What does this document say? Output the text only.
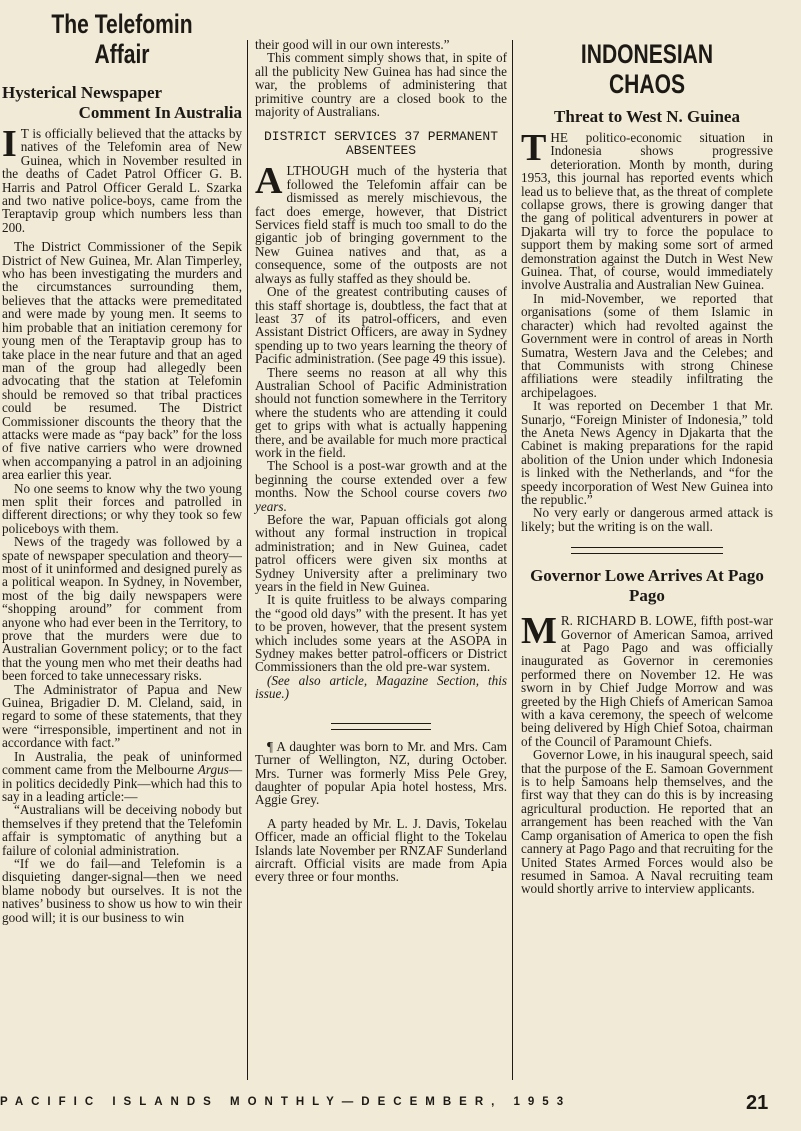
The Telefomin Affair

Hysterical Newspaper

Comment In Australia

I T is officially believed that the attacks by natives of the Telefomin area of New Guinea, which in November resulted in the deaths of Cadet Patrol Officer G. B. Harris and Patrol Officer Gerald L. Szarka and two native police-boys, came from the Teraptavip group which numbers less than 200.

The District Commissioner of the Sepik District of New Guinea, Mr. Alan Timperley, who has been investigating the murders and the circumstances surrounding them, believes that the attacks were premeditated and were made by young men. It seems to him probable that an initiation ceremony for young men of the Teraptavip group has to take place in the near future and that an aged man of the group had allegedly been advocating that the station at Telefomin should be removed so that tribal practices could be resumed. The District Commissioner discounts the theory that the attacks were made as “pay back” for the loss of five native carriers who were drowned when accompanying a patrol in an adjoining area earlier this year.

No one seems to know why the two young men split their forces and patrolled in different directions; or why they took so few policeboys with them.

News of the tragedy was followed by a spate of newspaper speculation and theory—most of it uninformed and designed purely as a political weapon. In Sydney, in November, most of the big daily newspapers were “shopping around” for comment from anyone who had ever been in the Territory, to prove that the murders were due to Australian Government policy; or to the fact that the young men who met their deaths had been forced to take unnecessary risks.

The Administrator of Papua and New Guinea, Brigadier D. M. Cleland, said, in regard to some of these statements, that they were “irresponsible, impertinent and not in accordance with fact.”

In Australia, the peak of uninformed comment came from the Melbourne Argus—in politics decidedly Pink—which had this to say in a leading article:—

“Australians will be deceiving nobody but themselves if they pretend that the Telefomin affair is symptomatic of anything but a failure of colonial administration.

“If we do fail—and Telefomin is a disquieting danger-signal—then we need blame nobody but ourselves. It is not the natives’ business to show us how to win their good will; it is our business to win

their good will in our own interests.”

This comment simply shows that, in spite of all the publicity New Guinea has had since the war, the problems of administering that primitive country are a closed book to the majority of Australians.

DISTRICT SERVICES 37 PERMANENT ABSENTEES

ALTHOUGH much of the hysteria that followed the Telefomin affair can be dismissed as merely mischievous, the fact does emerge, however, that District Services field staff is much too small to do the gigantic job of bringing government to the New Guinea natives and that, as a consequence, some of the outposts are not always as fully staffed as they should be.

One of the greatest contributing causes of this staff shortage is, doubtless, the fact that at least 37 of its patrol-officers, and even Assistant District Officers, are away in Sydney spending up to two years learning the theory of Pacific administration. (See page 49 this issue).

There seems no reason at all why this Australian School of Pacific Administration should not function somewhere in the Territory where the students who are attending it could get to grips with what is actually happening there, and be available for much more practical work in the field.

The School is a post-war growth and at the beginning the course extended over a few months. Now the School course covers two years.

Before the war, Papuan officials got along without any formal instruction in tropical administration; and in New Guinea, cadet patrol officers were given six months at Sydney University after a preliminary two years in the field in New Guinea.

It is quite fruitless to be always comparing the “good old days” with the present. It has yet to be proven, however, that the present system which includes some years at the ASOPA in Sydney makes better patrol-officers or District Commissioners than the old pre-war system.

(See also article, Magazine Section, this issue.)

¶ A daughter was born to Mr. and Mrs. Cam Turner of Wellington, NZ, during October. Mrs. Turner was formerly Miss Pele Grey, daughter of popular Apia hotel hostess, Mrs. Aggie Grey.

A party headed by Mr. L. J. Davis, Tokelau Officer, made an official flight to the Tokelau Islands late November per RNZAF Sunderland aircraft. Official visits are made from Apia every three or four months.

INDONESIAN CHAOS

Threat to West N. Guinea

THE politico-economic situation in Indonesia shows progressive deterioration. Month by month, during 1953, this journal has reported events which lead us to believe that, as the threat of complete collapse grows, there is growing danger that the gang of political adventurers in power at Djakarta will try to force the populace to support them by making some sort of armed demonstration against the Dutch in West New Guinea. That, of course, would immediately involve Australia and Australian New Guinea.

In mid-November, we reported that organisations (some of them Islamic in character) which had revolted against the Government were in control of areas in North Sumatra, Western Java and the Celebes; and that Communists with strong Chinese affiliations were steadily infiltrating the archipelagoes.

It was reported on December 1 that Mr. Sunarjo, “Foreign Minister of Indonesia,” told the Aneta News Agency in Djakarta that the Cabinet is making preparations for the rapid abolition of the Union under which Indonesia is linked with the Netherlands, and “for the speedy incorporation of West New Guinea into the republic.”

No very early or dangerous armed attack is likely; but the writing is on the wall.

Governor Lowe Arrives At Pago Pago

M R. RICHARD B. LOWE, fifth post-war Governor of American Samoa, arrived at Pago Pago and was officially inaugurated as Governor in ceremonies performed there on November 12. He was sworn in by Chief Judge Morrow and was greeted by the High Chiefs of American Samoa with a kava ceremony, the speech of welcome being delivered by High Chief Sotoa, chairman of the Council of Paramount Chiefs.

Governor Lowe, in his inaugural speech, said that the purpose of the E. Samoan Government is to help Samoans help themselves, and the first way that they can do this is by increasing agricultural production. He reported that an arrangement has been reached with the Van Camp organisation of America to open the fish cannery at Pago Pago and that recruiting for the United States Armed Forces would also be resumed in Samoa. A Naval recruiting team would shortly arrive to interview applicants.

PACIFIC ISLANDS MONTHLY—DECEMBER, 1953	21
